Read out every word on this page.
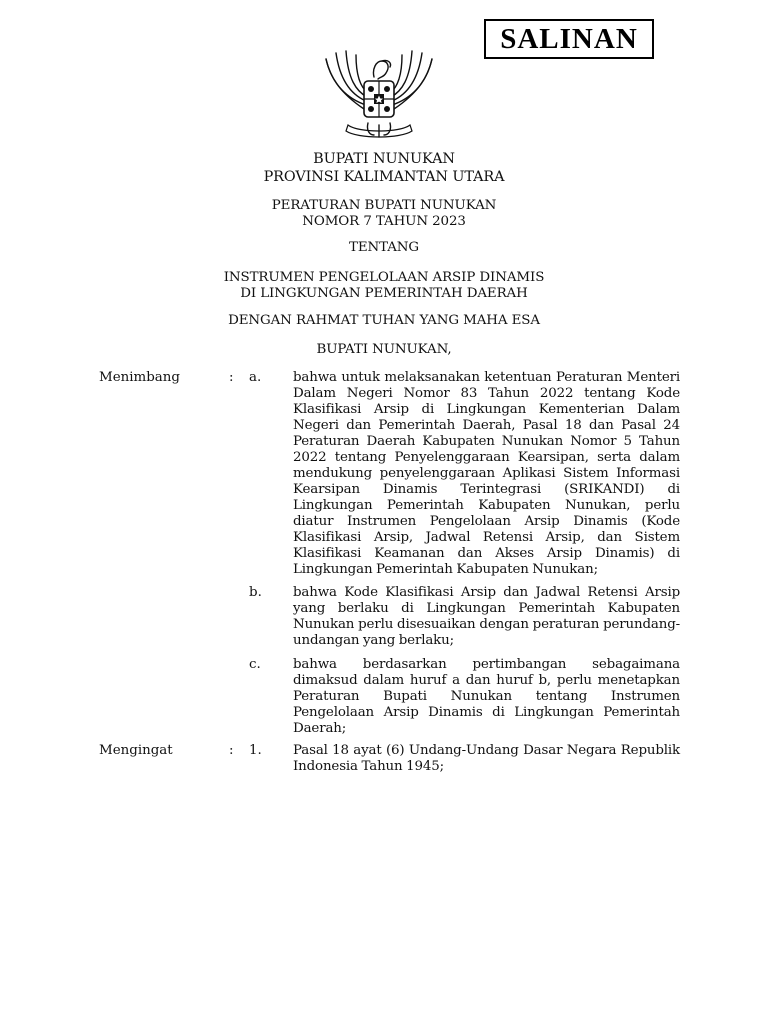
SALINAN
BUPATI NUNUKAN
PROVINSI KALIMANTAN UTARA
PERATURAN BUPATI NUNUKAN
NOMOR 7 TAHUN 2023
TENTANG
INSTRUMEN PENGELOLAAN ARSIP DINAMIS
DI LINGKUNGAN PEMERINTAH DAERAH
DENGAN RAHMAT TUHAN YANG MAHA ESA
BUPATI NUNUKAN,
Menimbang	: a. bahwa untuk melaksanakan ketentuan Peraturan Menteri Dalam Negeri Nomor 83 Tahun 2022 tentang Kode Klasifikasi Arsip di Lingkungan Kementerian Dalam Negeri dan Pemerintah Daerah, Pasal 18 dan Pasal 24 Peraturan Daerah Kabupaten Nunukan Nomor 5 Tahun 2022 tentang Penyelenggaraan Kearsipan, serta dalam mendukung penyelenggaraan Aplikasi Sistem Informasi Kearsipan Dinamis Terintegrasi (SRIKANDI) di Lingkungan Pemerintah Kabupaten Nunukan, perlu diatur Instrumen Pengelolaan Arsip Dinamis (Kode Klasifikasi Arsip, Jadwal Retensi Arsip, dan Sistem Klasifikasi Keamanan dan Akses Arsip Dinamis) di Lingkungan Pemerintah Kabupaten Nunukan;
b. bahwa Kode Klasifikasi Arsip dan Jadwal Retensi Arsip yang berlaku di Lingkungan Pemerintah Kabupaten Nunukan perlu disesuaikan dengan peraturan perundang-undangan yang berlaku;
c. bahwa berdasarkan pertimbangan sebagaimana dimaksud dalam huruf a dan huruf b, perlu menetapkan Peraturan Bupati Nunukan tentang Instrumen Pengelolaan Arsip Dinamis di Lingkungan Pemerintah Daerah;
Mengingat	: 1. Pasal 18 ayat (6) Undang-Undang Dasar Negara Republik Indonesia Tahun 1945;
